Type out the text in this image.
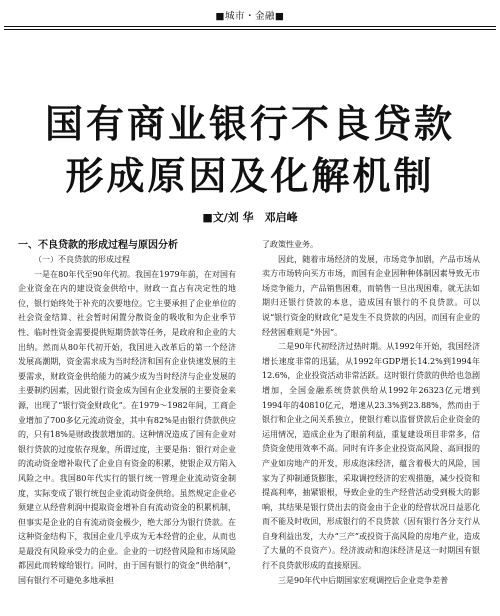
■城市・金融■
国有商业银行不良贷款
形成原因及化解机制
■文/刘 华　邓启峰
一、不良贷款的形成过程与原因分析
（一）不良贷款的形成过程

一是在80年代至90年代初。我国在1979年前，在对国有企业资金在内的建设资金供给中，财政一直占有决定性的地位，银行始终处于补充的次要地位。它主要承担了企业单位的社会资金结算、社会暂时闲置分散资金的吸收和为企业季节性、临时性资金需要提供短期贷款等任务，是政府和企业的大出纳。然而从80年代初开始，我国进入改革后的第一个经济发展高潮期，资金需求成为当时经济和国有企业快速发展的主要需求，财政资金供给能力的减少成为当时经济与企业发展的主要制约因素，因此银行资金成为国有企业发展的主要资金来源，出现了“银行资金财政化”。在1979～1982年间，工商企业增加了700多亿元流动资金，其中有82%是由银行贷款供应的，只有18%是财政拨款增加的。这种情况造成了国有企业对银行贷款的过度依存现象，所谓过度，主要是指：银行对企业的流动资金增补取代了企业自有资金的积累，使银企双方陷入风险之中。我国80年代实行的银行统一管理企业流动资金制度，实际变成了银行统包企业流动资金供给。虽然规定企业必须建立从经营利润中提取资金增补自有流动资金的积累机制，但事实是企业的自有流动资金极少，绝大部分为银行贷款。在这种资金结构下，我国企业几乎成为无本经营的企业，从而也是最没有风险承受力的企业。企业的一切经营风险和市场风险都因此而转嫁给银行。同时，由于国有银行的资金“供给制”，国有银行不可避免多地承担

了政策性业务。

因此，随着市场经济的发展，市场竞争加剧，产品市场从卖方市场转向买方市场，而国有企业因种种体制因素导致无市场竞争能力，产品销售困难，而销售一旦出现困难，就无法如期归还银行贷款的本息，造成国有银行的不良贷款。可以说“银行资金的财政化”是发生不良贷款的内因，而国有企业的经营困难则是“外因”。

二是90年代初经济过热时期。从1992年开始，我国经济增长速度非常的迅猛，从1992年GDP增长14.2%到1994年12.6%，企业投资活动非常活跃。这时银行贷款的供给也急剧增加，全国金融系统贷款供给从1992年26323亿元增到1994年的40810亿元，增速从23.3%到23.88%，然而由于银行和企业之间关系独立，使银行难以监督贷款后企业资金的运用情况，造成企业为了眼前利益，重复建设项目非常多，信贷资金使用效率不高。同时有许多企业投资高风险、高回报的产业如房地产的开发，形成泡沫经济，蕴含着极大的风险，国家为了抑制通货膨胀，采取调控经济的宏观措施，减少投资和提高利率，抽紧银根，导致企业的生产经营活动受到极大的影响，其结果是银行贷出去的资金由于企业的经营状况日益恶化而不能及时收回，形成银行的不良贷款（因有银行各分支行从自身利益出发，大办“三产”或投资于高风险的房地产业，造成了大量的不良资产）。经济波动和泡沫经济是这一时期国有银行不良贷款形成的直接原因。

三是90年代中后期国家宏观调控后企业竞争差普
